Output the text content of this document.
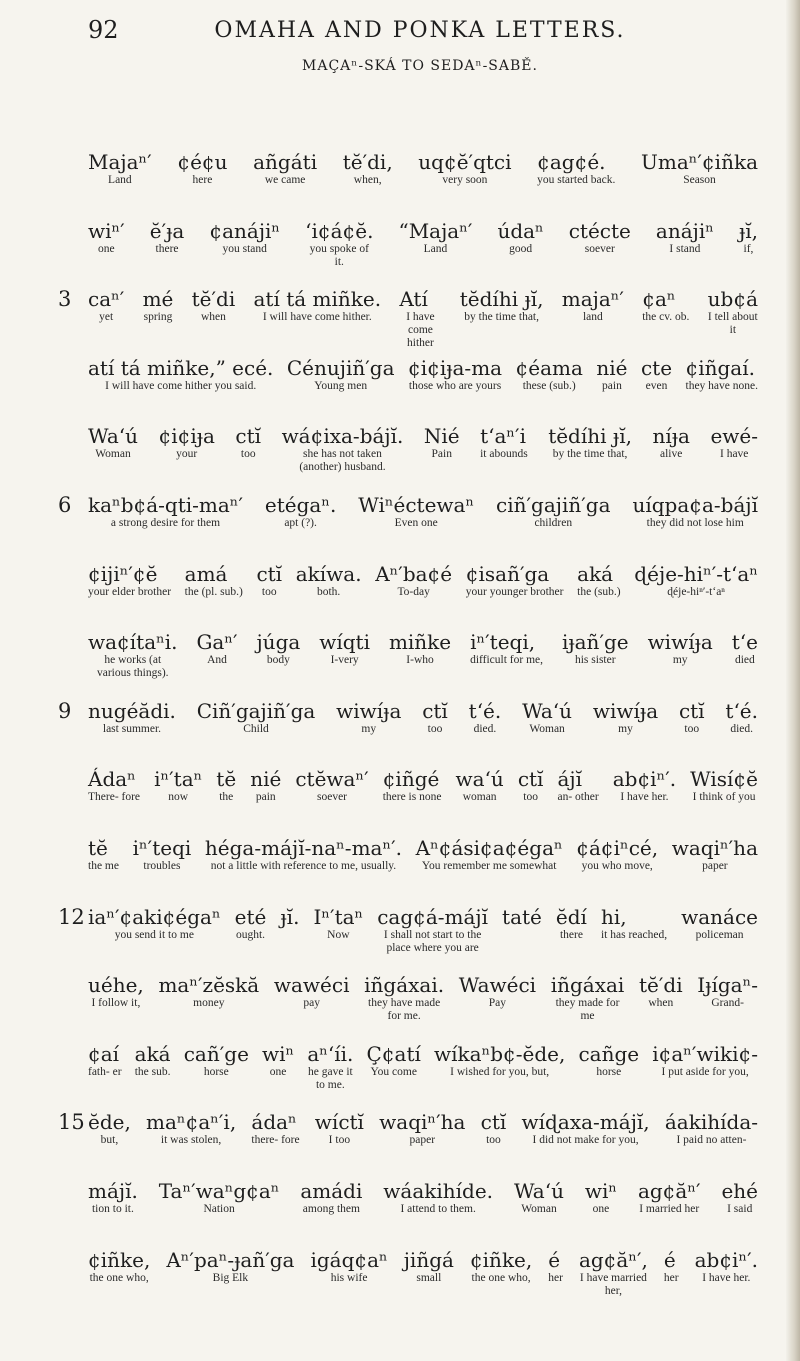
92	OMAHA AND PONKA LETTERS.
MAÇAⁿ-SKÁ TO SEDAⁿ-SABĚ.
Majaⁿ′
Land
¢é¢u
here
añgáti
we came
tĕ′di,
when,
uq¢ĕ′qtci
very soon
¢ag¢é.
you started back.
Umaⁿ′¢iñka
Season
wiⁿ′
one
ĕ′ɟa
there
¢anájiⁿ
you stand
‘i¢á¢ĕ.
you spoke of it.
“Majaⁿ′
Land
údaⁿ
good
ctécte
soever
anájiⁿ
I stand
ɟĭ,
if,
3 caⁿ′
yet
mé
spring
tĕ′di
when
atí tá miñke.
I will have come hither.
Atí
I have come hither
tĕdíhi ɟĭ,
by the time that,
majaⁿ′
land
¢aⁿ
the cv. ob.
ub¢á
I tell about it
atí tá miñke,” ecé.
I will have come hither you said.
Cénujiñ′ga
Young men
¢i¢iɟa-ma
those who are yours
¢éama
these (sub.)
nié
pain
cte
even
¢iñgaí.
they have none.
Wa‘ú
Woman
¢i¢iɟa
your
ctĭ
too
wá¢ixa-bájĭ.
she has not taken (another) husband.
Nié
Pain
t‘aⁿ′i
it abounds
tĕdíhi ɟĭ,
by the time that,
níɟa
alive
ewé-
I have
6 kaⁿb¢á-qti-maⁿ′
a strong desire for them
etégaⁿ.
apt (?).
Wiⁿéctewaⁿ
Even one
ciñ′gajiñ′ga
children
uíqpa¢a-bájĭ
they did not lose him
¢ijiⁿ′¢ĕ
your elder brother
amá
the (pl. sub.)
ctĭ
too
akíwa.
both.
Aⁿ′ba¢é
To-day
¢isañ′ga
your younger brother
aká
the (sub.)
ɖéje-hiⁿ′-t‘aⁿ
ɖéje-hiⁿ′-t‘aⁿ
wa¢ítaⁿi.
he works (at various things).
Gaⁿ′
And
júga
body
wíqti
I-very
miñke
I-who
iⁿ′teqi,
difficult for me,
iɟañ′ge
his sister
wiwíɟa
my
t‘e
died
9 nugéădi.
last summer.
Ciñ′gajiñ′ga
Child
wiwíɟa
my
ctĭ
too
t‘é.
died.
Wa‘ú
Woman
wiwíɟa
my
ctĭ
too
t‘é.
died.
Ádaⁿ
There- fore
iⁿ′taⁿ
now
tĕ
the
nié
pain
ctĕwaⁿ′
soever
¢iñgé
there is none
wa‘ú
woman
ctĭ
too
ájĭ
an- other
ab¢iⁿ′.
I have her.
Wisí¢ĕ
I think of you
tĕ
the me
iⁿ′teqi
troubles
héga-májĭ-naⁿ-maⁿ′.
not a little with reference to me, usually.
Aⁿ¢ási¢a¢égaⁿ
You remember me somewhat
¢á¢iⁿcé,
you who move,
waqiⁿ′ha
paper
12 iaⁿ′¢aki¢égaⁿ
you send it to me
eté
ought.
ɟĭ. Iⁿ′taⁿ
Now
cag¢á-májĭ
I shall not start to the place where you are
taté ĕdí
there
hi,
it has reached,
wanáce
policeman
uéhe,
I follow it,
maⁿ′zĕskă
money
wawéci
pay
iñgáxai.
they have made for me.
Wawéci
Pay
iñgáxai
they made for me
tĕ′di
when
Iɟígaⁿ-
Grand-
¢aí
fath- er
aká
the sub.
cañ′ge
horse
wiⁿ
one
aⁿ‘íi.
he gave it to me.
Ç¢atí
You come
wíkaⁿb¢-ĕde,
I wished for you, but,
cañge
horse
i¢aⁿ′wiki¢-
I put aside for you,
15 ĕde,
but,
maⁿ¢aⁿ′i,
it was stolen,
ádaⁿ
there- fore
wíctĭ
I too
waqiⁿ′ha
paper
ctĭ
too
wíɖaxa-májĭ,
I did not make for you,
áakihída-
I paid no atten-
májĭ.
tion to it.
Taⁿ′waⁿg¢aⁿ
Nation
amádi
among them
wáakihíde.
I attend to them.
Wa‘ú
Woman
wiⁿ
one
ag¢ăⁿ′
I married her
ehé
I said
¢iñke,
the one who,
Aⁿ′paⁿ-ɟañ′ga
Big Elk
igáq¢aⁿ
his wife
jiñgá
small
¢iñke,
the one who,
é
her
ag¢ăⁿ′,
I have married her,
é
her
ab¢iⁿ′.
I have her.
